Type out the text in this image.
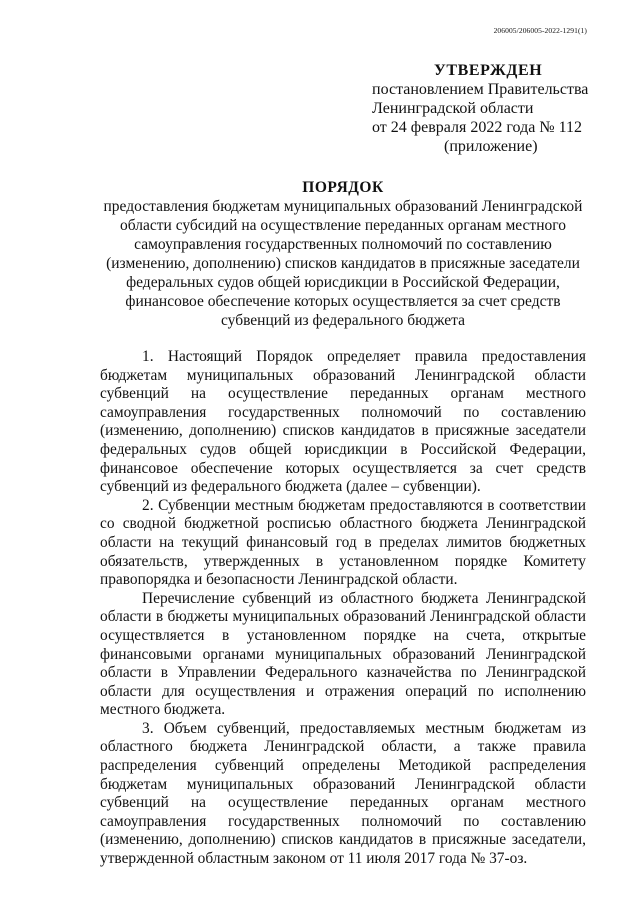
206005/206005-2022-1291(1)
УТВЕРЖДЕН
постановлением Правительства
Ленинградской области
от 24 февраля 2022 года № 112
(приложение)
ПОРЯДОК
предоставления бюджетам муниципальных образований Ленинградской области субсидий на осуществление переданных органам местного самоуправления государственных полномочий по составлению (изменению, дополнению) списков кандидатов в присяжные заседатели федеральных судов общей юрисдикции в Российской Федерации, финансовое обеспечение которых осуществляется за счет средств субвенций из федерального бюджета

1. Настоящий Порядок определяет правила предоставления бюджетам муниципальных образований Ленинградской области субвенций на осуществление переданных органам местного самоуправления государственных полномочий по составлению (изменению, дополнению) списков кандидатов в присяжные заседатели федеральных судов общей юрисдикции в Российской Федерации, финансовое обеспечение которых осуществляется за счет средств субвенций из федерального бюджета (далее – субвенции).

2. Субвенции местным бюджетам предоставляются в соответствии со сводной бюджетной росписью областного бюджета Ленинградской области на текущий финансовый год в пределах лимитов бюджетных обязательств, утвержденных в установленном порядке Комитету правопорядка и безопасности Ленинградской области.

Перечисление субвенций из областного бюджета Ленинградской области в бюджеты муниципальных образований Ленинградской области осуществляется в установленном порядке на счета, открытые финансовыми органами муниципальных образований Ленинградской области в Управлении Федерального казначейства по Ленинградской области для осуществления и отражения операций по исполнению местного бюджета.

3. Объем субвенций, предоставляемых местным бюджетам из областного бюджета Ленинградской области, а также правила распределения субвенций определены Методикой распределения бюджетам муниципальных образований Ленинградской области субвенций на осуществление переданных органам местного самоуправления государственных полномочий по составлению (изменению, дополнению) списков кандидатов в присяжные заседатели, утвержденной областным законом от 11 июля 2017 года № 37-оз.
